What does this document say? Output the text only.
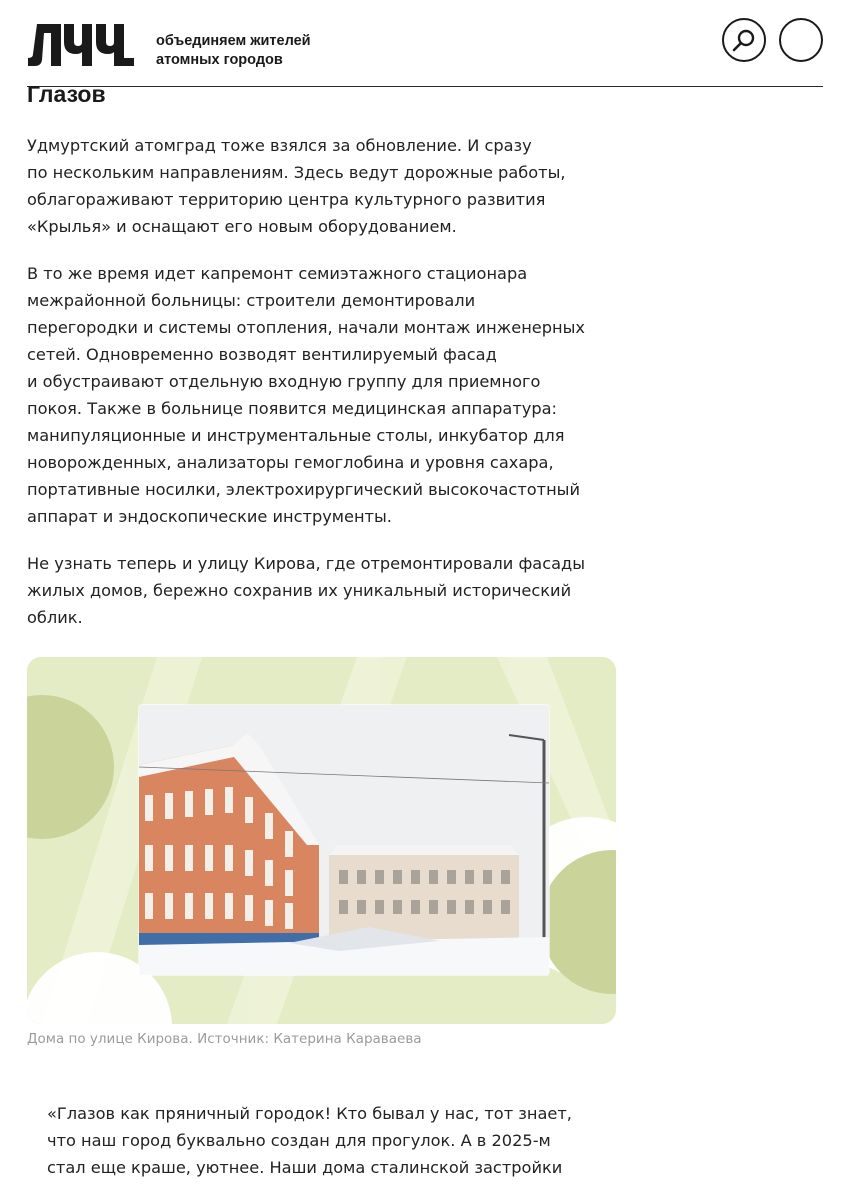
объединяем жителей
атомных городов
Глазов

Удмуртский атомград тоже взялся за обновление. И сразу
по нескольким направлениям. Здесь ведут дорожные работы,
облагораживают территорию центра культурного развития
«Крылья» и оснащают его новым оборудованием.

В то же время идет капремонт семиэтажного стационара
межрайонной больницы: строители демонтировали
перегородки и системы отопления, начали монтаж инженерных
сетей. Одновременно возводят вентилируемый фасад
и обустраивают отдельную входную группу для приемного
покоя. Также в больнице появится медицинская аппаратура:
манипуляционные и инструментальные столы, инкубатор для
новорожденных, анализаторы гемоглобина и уровня сахара,
портативные носилки, электрохирургический высокочастотный
аппарат и эндоскопические инструменты.

Не узнать теперь и улицу Кирова, где отремонтировали фасады
жилых домов, бережно сохранив их уникальный исторический
облик.

Дома по улице Кирова. Источник: Катерина Караваева

«Глазов как пряничный городок! Кто бывал у нас, тот знает,
что наш город буквально создан для прогулок. А в 2025-м
стал еще краше, уютнее. Наши дома сталинской застройки
